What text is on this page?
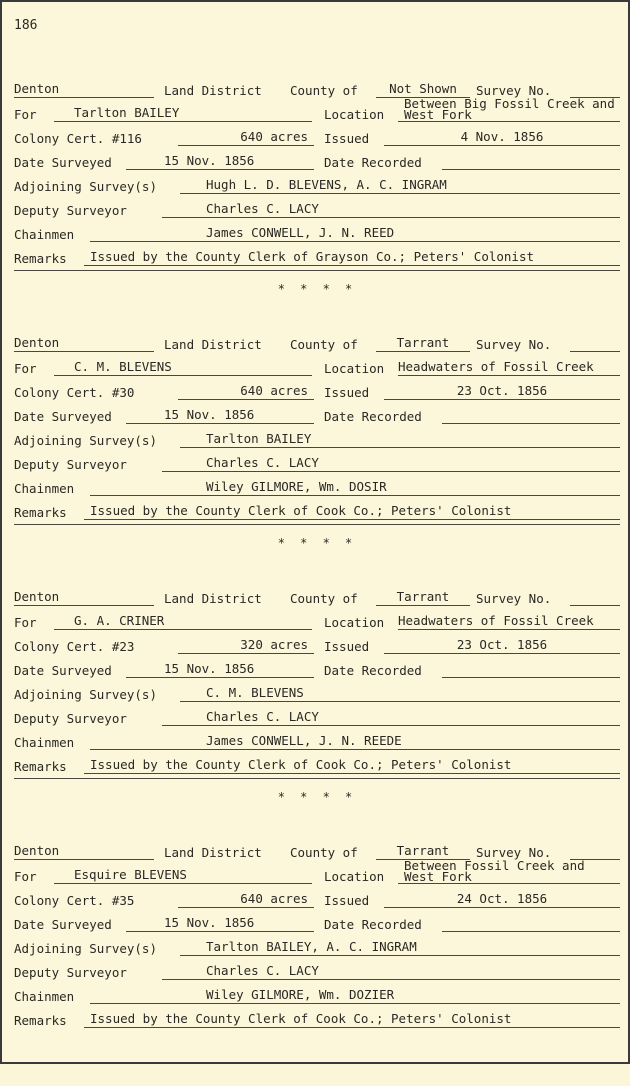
186
Denton	Land District County of	Not Shown	Survey No.
For	Tarlton BAILEY	Location
Between Big Fossil Creek and West Fork
Colony Cert. #116	640 acres Issued	4 Nov. 1856
Date Surveyed	15 Nov. 1856	Date Recorded
Adjoining Survey(s)	Hugh L. D. BLEVENS, A. C. INGRAM
Deputy Surveyor	Charles C. LACY
Chainmen	James CONWELL, J. N. REED
Remarks Issued by the County Clerk of Grayson Co.; Peters' Colonist
* * * *
Denton	Land District County of	Tarrant	Survey No.
For	C. M. BLEVENS	Location Headwaters of Fossil Creek
Colony Cert. #30	640 acres Issued	23 Oct. 1856
Date Surveyed	15 Nov. 1856	Date Recorded
Adjoining Survey(s)	Tarlton BAILEY
Deputy Surveyor	Charles C. LACY
Chainmen	Wiley GILMORE, Wm. DOSIR
Remarks Issued by the County Clerk of Cook Co.; Peters' Colonist
* * * *
Denton	Land District County of	Tarrant	Survey No.
For	G. A. CRINER	Location Headwaters of Fossil Creek
Colony Cert. #23	320 acres Issued	23 Oct. 1856
Date Surveyed	15 Nov. 1856	Date Recorded
Adjoining Survey(s)	C. M. BLEVENS
Deputy Surveyor	Charles C. LACY
Chainmen	James CONWELL, J. N. REEDE
Remarks Issued by the County Clerk of Cook Co.; Peters' Colonist
* * * *
Denton	Land District County of	Tarrant	Survey No.
For	Esquire BLEVENS	Location
Between Fossil Creek and West Fork
Colony Cert. #35	640 acres Issued	24 Oct. 1856
Date Surveyed	15 Nov. 1856	Date Recorded
Adjoining Survey(s)	Tarlton BAILEY, A. C. INGRAM
Deputy Surveyor	Charles C. LACY
Chainmen	Wiley GILMORE, Wm. DOZIER
Remarks Issued by the County Clerk of Cook Co.; Peters' Colonist
